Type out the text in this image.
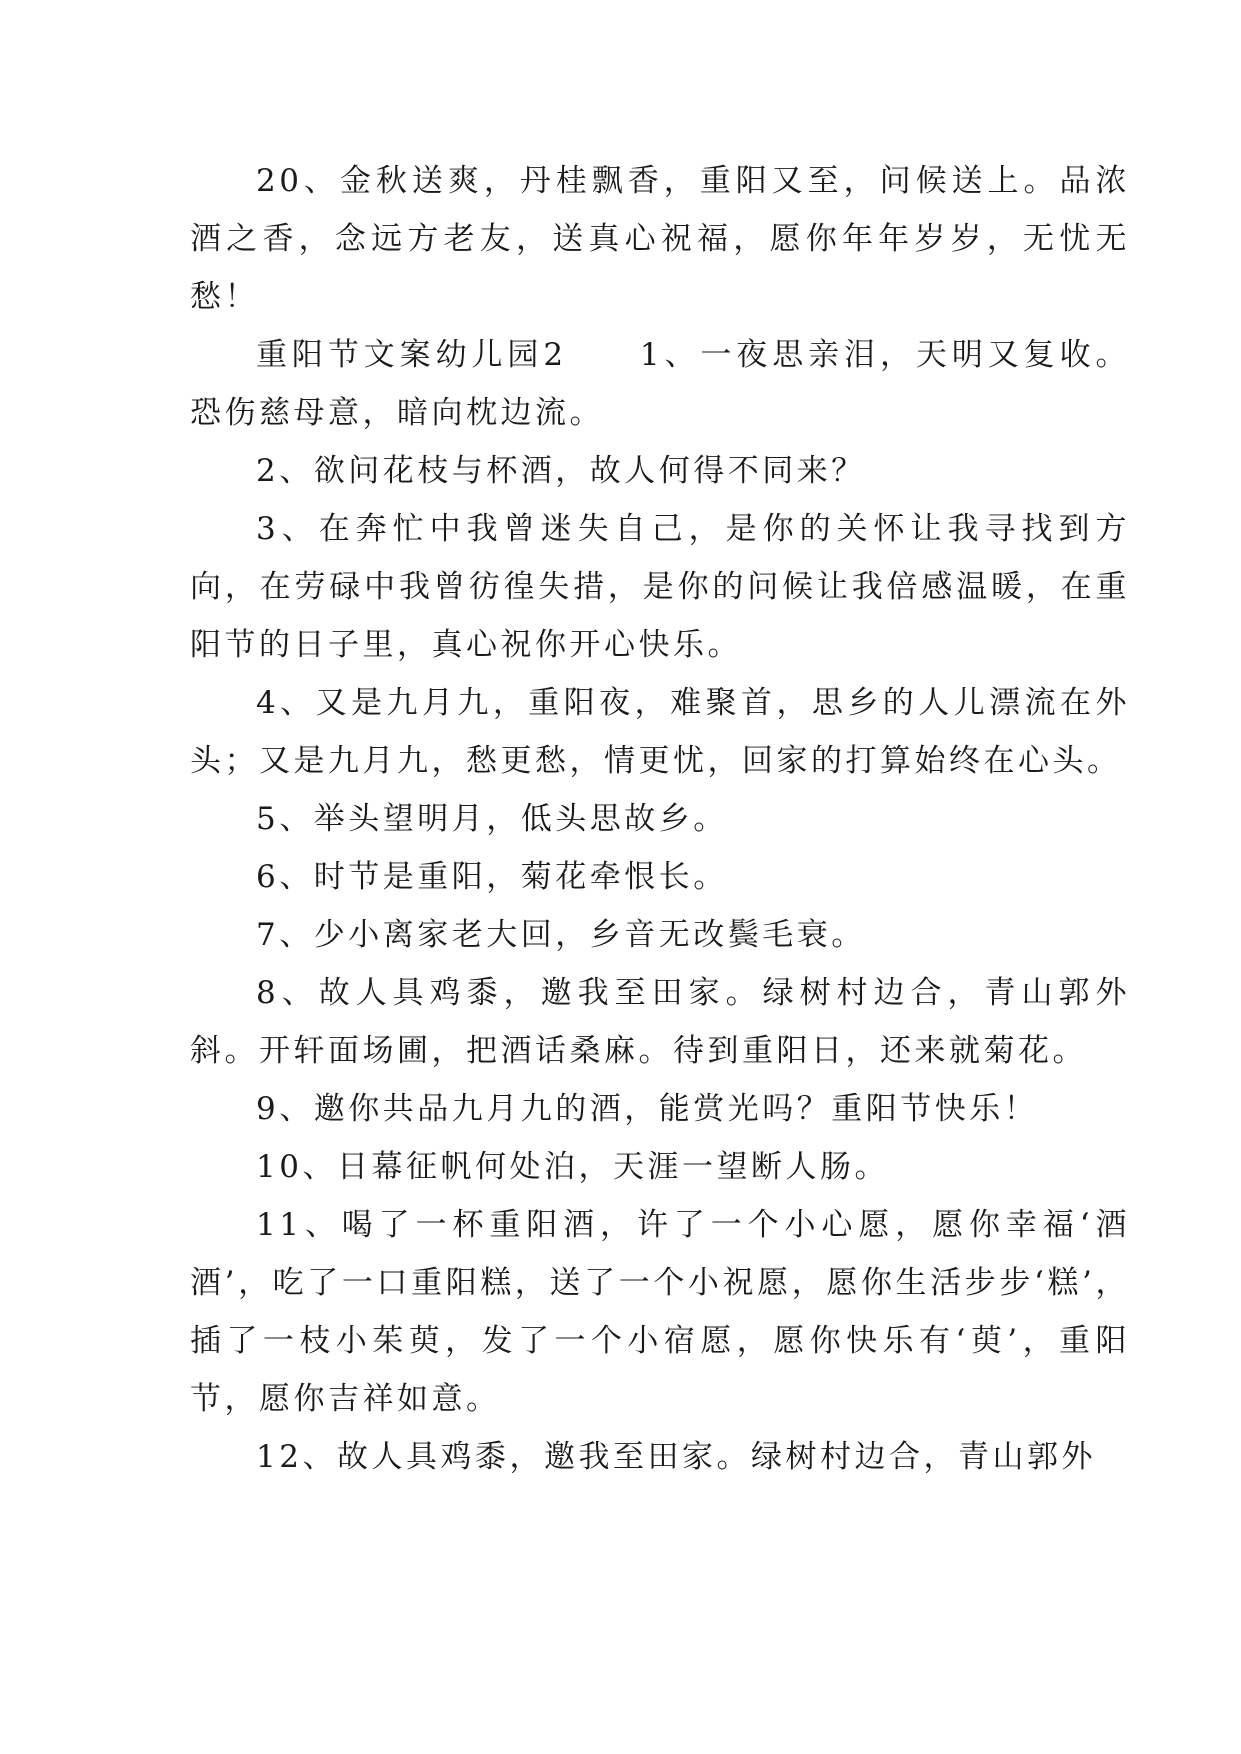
20、金秋送爽，丹桂飘香，重阳又至，问候送上。品浓酒之香，念远方老友，送真心祝福，愿你年年岁岁，无忧无愁！

重阳节文案幼儿园2　　1、一夜思亲泪，天明又复收。恐伤慈母意，暗向枕边流。

2、欲问花枝与杯酒，故人何得不同来？

3、在奔忙中我曾迷失自己，是你的关怀让我寻找到方向，在劳碌中我曾彷徨失措，是你的问候让我倍感温暖，在重阳节的日子里，真心祝你开心快乐。

4、又是九月九，重阳夜，难聚首，思乡的人儿漂流在外头；又是九月九，愁更愁，情更忧，回家的打算始终在心头。

5、举头望明月，低头思故乡。

6、时节是重阳，菊花牵恨长。

7、少小离家老大回，乡音无改鬓毛衰。

8、故人具鸡黍，邀我至田家。绿树村边合，青山郭外斜。开轩面场圃，把酒话桑麻。待到重阳日，还来就菊花。

9、邀你共品九月九的酒，能赏光吗？重阳节快乐！

10、日幕征帆何处泊，天涯一望断人肠。

11、喝了一杯重阳酒，许了一个小心愿，愿你幸福‘酒酒’，吃了一口重阳糕，送了一个小祝愿，愿你生活步步‘糕’，插了一枝小茱萸，发了一个小宿愿，愿你快乐有‘萸’，重阳节，愿你吉祥如意。

12、故人具鸡黍，邀我至田家。绿树村边合，青山郭外
